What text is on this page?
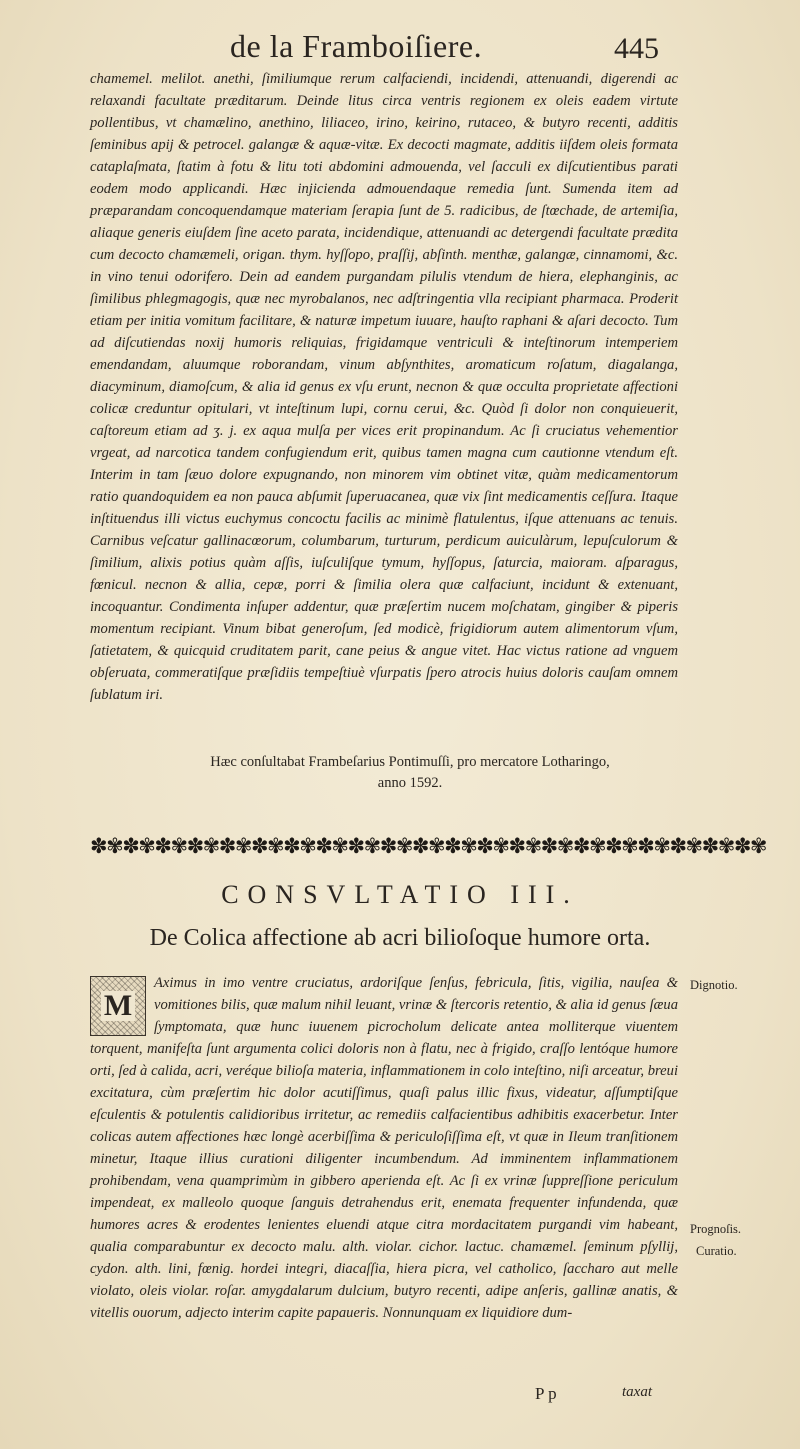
de la Framboiſiere.	445

chamemel. melilot. anethi, ſimiliumque rerum calfaciendi, incidendi, attenuandi, digerendi ac relaxandi facultate præditarum. Deinde litus circa ventris regionem ex oleis eadem virtute pollentibus, vt chamælino, anethino, liliaceo, irino, keirino, rutaceo, & butyro recenti, additis ſeminibus apij & petrocel. galangæ & aquæ-vitæ. Ex decocti magmate, additis iiſdem oleis formata cataplaſmata, ſtatim à fotu & litu toti abdomini admouenda, vel ſacculi ex diſcutientibus parati eodem modo applicandi. Hæc injicienda admouendaque remedia ſunt. Sumenda item ad præparandam concoquendamque materiam ſerapia ſunt de 5. radicibus, de ſtœchade, de artemiſia, aliaque generis eiuſdem ſine aceto parata, incidendique, attenuandi ac detergendi facultate prædita cum decocto chamæmeli, origan. thym. hyſſopo, praſſij, abſinth. menthæ, galangæ, cinnamomi, &c. in vino tenui odorifero. Dein ad eandem purgandam pilulis vtendum de hiera, elephanginis, ac ſimilibus phlegmagogis, quæ nec myrobalanos, nec adſtringentia vlla recipiant pharmaca. Proderit etiam per initia vomitum facilitare, & naturæ impetum iuuare, hauſto raphani & aſari decocto. Tum ad diſcutiendas noxij humoris reliquias, frigidamque ventriculi & inteſtinorum intemperiem emendandam, aluumque roborandam, vinum abſynthites, aromaticum roſatum, diagalanga, diacyminum, diamoſcum, & alia id genus ex vſu erunt, necnon & quæ occulta proprietate affectioni colicæ creduntur opitulari, vt inteſtinum lupi, cornu cerui, &c. Quòd ſi dolor non conquieuerit, caſtoreum etiam ad ʒ. j. ex aqua mulſa per vices erit propinandum. Ac ſi cruciatus vehementior vrgeat, ad narcotica tandem confugiendum erit, quibus tamen magna cum cautionne vtendum eſt. Interim in tam ſæuo dolore expugnando, non minorem vim obtinet vitæ, quàm medicamentorum ratio quandoquidem ea non pauca abſumit ſuperuacanea, quæ vix ſint medicamentis ceſſura. Itaque inſtituendus illi victus euchymus concoctu facilis ac minimè flatulentus, iſque attenuans ac tenuis. Carnibus veſcatur gallinacœorum, columbarum, turturum, perdicum auiculàrum, lepuſculorum & ſimilium, alixis potius quàm aſſis, iuſculiſque tymum, hyſſopus, ſaturcia, maioram. aſparagus, fœnicul. necnon & allia, cepæ, porri & ſimilia olera quæ calfaciunt, incidunt & extenuant, incoquantur. Condimenta inſuper addentur, quæ præſertim nucem moſchatam, gingiber & piperis momentum recipiant. Vinum bibat generoſum, ſed modicè, frigidiorum autem alimentorum vſum, ſatietatem, & quicquid cruditatem parit, cane peius & angue vitet. Hac victus ratione ad vnguem obſeruata, commeratiſque præſidiis tempeſtiuè vſurpatis ſpero atrocis huius doloris cauſam omnem ſublatum iri.

Hæc conſultabat Frambeſarius Pontimuſſi, pro mercatore Lotharingo, anno 1592.
✽✾✽✾✽✾✽✾✽✾✽✾✽✾✽✾✽✾✽✾✽✾✽✾✽✾✽✾✽✾✽✾✽✾✽✾✽✾✽✾✽✾
CONSVLTATIO III.
De Colica affectione ab acri bilioſoque humore orta.
M

Aximus in imo ventre cruciatus, ardoriſque ſenſus, febricula, ſitis, vigilia, nauſea & vomitiones bilis, quæ malum nihil leuant, vrinæ & ſtercoris retentio, & alia id genus ſæua ſymptomata, quæ hunc iuuenem picrocholum delicate antea molliterque viuentem torquent, manifeſta ſunt argumenta colici doloris non à flatu, nec à frigido, craſſo lentóque humore orti, ſed à calida, acri, veréque bilioſa materia, inflammationem in colo inteſtino, niſi arceatur, breui excitatura, cùm præſertim hic dolor acutiſſimus, quaſi palus illic fixus, videatur, aſſumptiſque eſculentis & potulentis calidioribus irritetur, ac remediis calfacientibus adhibitis exacerbetur. Inter colicas autem affectiones hæc longè acerbiſſima & periculoſiſſima eſt, vt quæ in Ileum tranſitionem minetur, Itaque illius curationi diligenter incumbendum. Ad imminentem inflammationem prohibendam, vena quamprimùm in gibbero aperienda eſt. Ac ſi ex vrinæ ſuppreſſione periculum impendeat, ex malleolo quoque ſanguis detrahendus erit, enemata frequenter infundenda, quæ humores acres & erodentes lenientes eluendi atque citra mordacitatem purgandi vim habeant, qualia comparabuntur ex decocto malu. alth. violar. cichor. lactuc. chamæmel. ſeminum pſyllij, cydon. alth. lini, fœnig. hordei integri, diacaſſia, hiera picra, vel catholico, ſaccharo aut melle violato, oleis violar. roſar. amygdalarum dulcium, butyro recenti, adipe anſeris, gallinæ anatis, & vitellis ouorum, adjecto interim capite papaueris. Nonnunquam ex liquidiore dum-

Dignotio.
Prognoſis.
Curatio.
P p	taxat
